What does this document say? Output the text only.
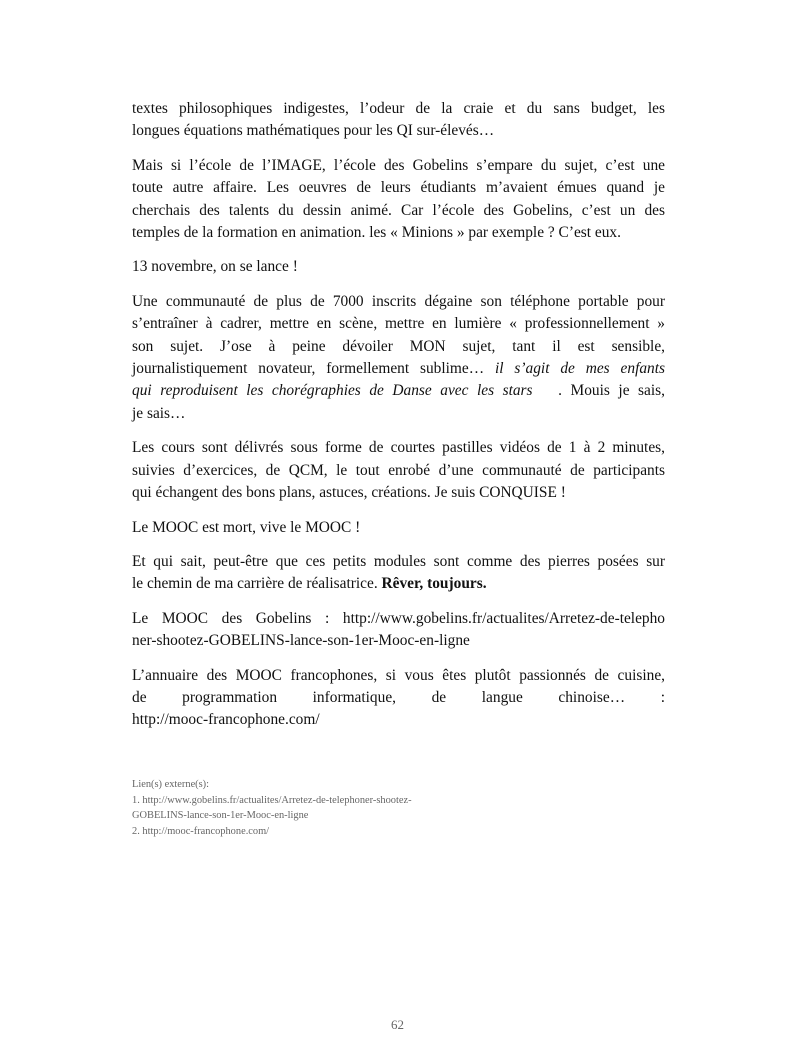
textes philosophiques indigestes, l’odeur de la craie et du sans budget, les
longues équations mathématiques pour les QI sur-élevés…

Mais si l’école de l’IMAGE, l’école des Gobelins s’empare du sujet, c’est une
toute autre affaire. Les oeuvres de leurs étudiants m’avaient émues quand je
cherchais des talents du dessin animé. Car l’école des Gobelins, c’est un des
temples de la formation en animation. les « Minions » par exemple ? C’est eux.

13 novembre, on se lance !

Une communauté de plus de 7000 inscrits dégaine son téléphone portable pour
s’entraîner à cadrer, mettre en scène, mettre en lumière « professionnellement »
son sujet. J’ose à peine dévoiler MON sujet, tant il est sensible,
journalistiquement novateur, formellement sublime… il s’agit de mes enfants
qui reproduisent les chorégraphies de Danse avec les stars . Mouis je sais,
je sais…

Les cours sont délivrés sous forme de courtes pastilles vidéos de 1 à 2 minutes,
suivies d’exercices, de QCM, le tout enrobé d’une communauté de participants
qui échangent des bons plans, astuces, créations. Je suis CONQUISE !

Le MOOC est mort, vive le MOOC !

Et qui sait, peut-être que ces petits modules sont comme des pierres posées sur
le chemin de ma carrière de réalisatrice. Rêver, toujours.

Le MOOC des Gobelins : http://www.gobelins.fr/actualites/Arretez-de-telepho
ner-shootez-GOBELINS-lance-son-1er-Mooc-en-ligne

L’annuaire des MOOC francophones, si vous êtes plutôt passionnés de cuisine,
de programmation informatique, de langue chinoise… :
http://mooc-francophone.com/

Lien(s) externe(s):
1. http://www.gobelins.fr/actualites/Arretez-de-telephoner-shootez-
GOBELINS-lance-son-1er-Mooc-en-ligne
2. http://mooc-francophone.com/
62
